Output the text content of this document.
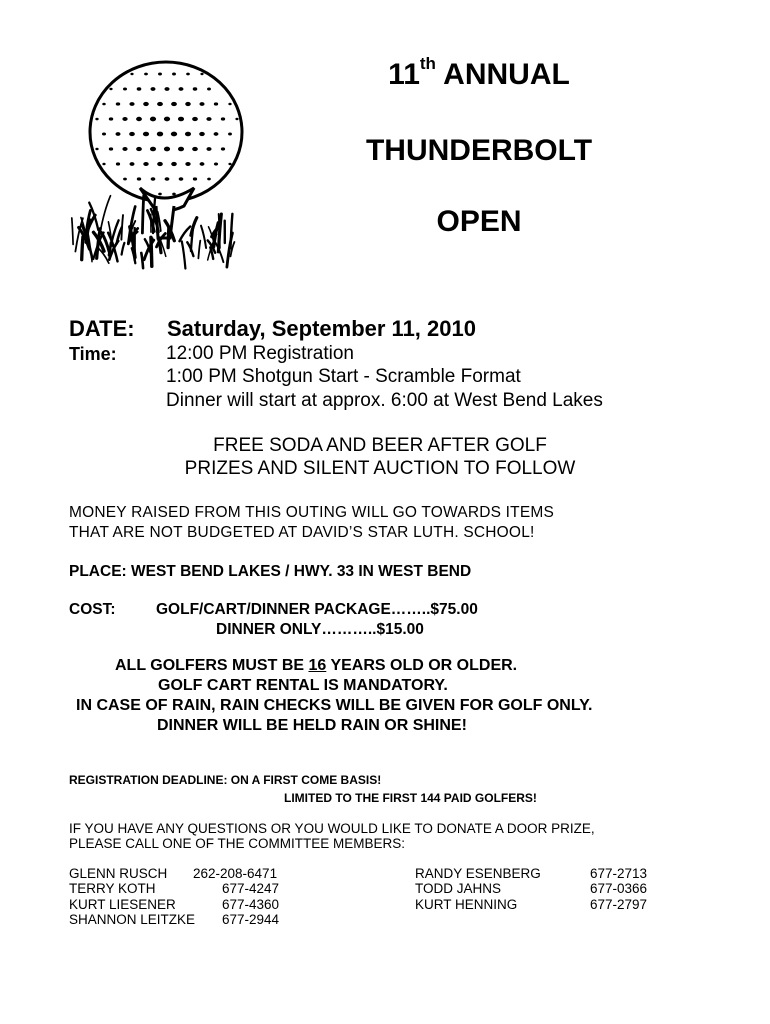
11th ANNUAL
THUNDERBOLT
OPEN
DATE: Saturday, September 11, 2010
Time:	12:00 PM Registration
1:00 PM Shotgun Start - Scramble Format
Dinner will start at approx. 6:00 at West Bend Lakes
FREE SODA AND BEER AFTER GOLF
PRIZES AND SILENT AUCTION TO FOLLOW
MONEY RAISED FROM THIS OUTING WILL GO TOWARDS ITEMS
THAT ARE NOT BUDGETED AT DAVID’S STAR LUTH. SCHOOL!
PLACE: WEST BEND LAKES / HWY. 33 IN WEST BEND
COST:	GOLF/CART/DINNER PACKAGE……..$75.00
DINNER ONLY………..$15.00
ALL GOLFERS MUST BE 16 YEARS OLD OR OLDER.
GOLF CART RENTAL IS MANDATORY.
IN CASE OF RAIN, RAIN CHECKS WILL BE GIVEN FOR GOLF ONLY.
DINNER WILL BE HELD RAIN OR SHINE!
REGISTRATION DEADLINE: ON A FIRST COME BASIS!
LIMITED TO THE FIRST 144 PAID GOLFERS!
IF YOU HAVE ANY QUESTIONS OR YOU WOULD LIKE TO DONATE A DOOR PRIZE,
PLEASE CALL ONE OF THE COMMITTEE MEMBERS:
GLENN RUSCH 262-208-6471
TERRY KOTH	677-4247
KURT LIESENER	677-4360
SHANNON LEITZKE 677-2944
RANDY ESENBERG	677-2713
TODD JAHNS	677-0366
KURT HENNING	677-2797
